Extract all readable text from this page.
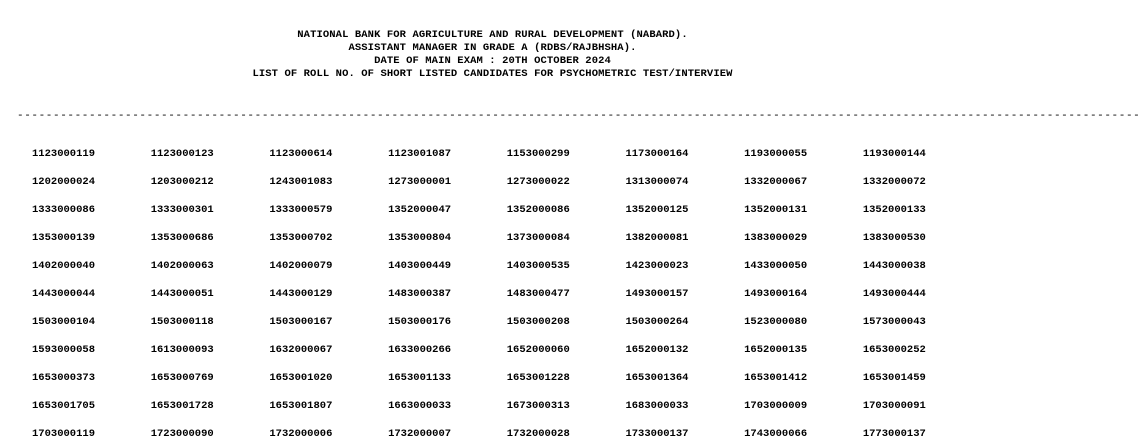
NATIONAL BANK FOR AGRICULTURE AND RURAL DEVELOPMENT (NABARD).
ASSISTANT MANAGER IN GRADE A (RDBS/RAJBHSHA).
DATE OF MAIN EXAM : 20TH OCTOBER 2024
LIST OF ROLL NO. OF SHORT LISTED CANDIDATES FOR PSYCHOMETRIC TEST/INTERVIEW
------------------------------------------------------------------------------------------------------------------------------------------------------------
1123000119	1123000123	1123000614	1123001087	1153000299	1173000164	1193000055	1193000144
1202000024	1203000212	1243001083	1273000001	1273000022	1313000074	1332000067	1332000072
1333000086	1333000301	1333000579	1352000047	1352000086	1352000125	1352000131	1352000133
1353000139	1353000686	1353000702	1353000804	1373000084	1382000081	1383000029	1383000530
1402000040	1402000063	1402000079	1403000449	1403000535	1423000023	1433000050	1443000038
1443000044	1443000051	1443000129	1483000387	1483000477	1493000157	1493000164	1493000444
1503000104	1503000118	1503000167	1503000176	1503000208	1503000264	1523000080	1573000043
1593000058	1613000093	1632000067	1633000266	1652000060	1652000132	1652000135	1653000252
1653000373	1653000769	1653001020	1653001133	1653001228	1653001364	1653001412	1653001459
1653001705	1653001728	1653001807	1663000033	1673000313	1683000033	1703000009	1703000091
1703000119	1723000090	1732000006	1732000007	1732000028	1733000137	1743000066	1773000137
